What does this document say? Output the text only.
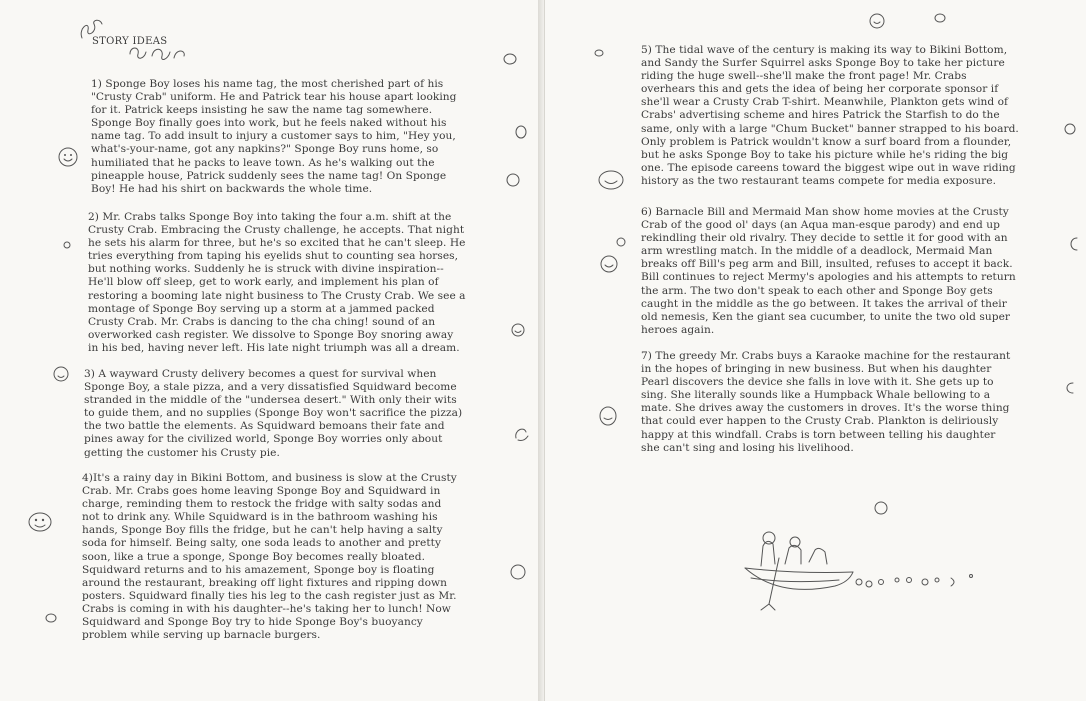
STORY IDEAS

1) Sponge Boy loses his name tag, the most cherished part of his
"Crusty Crab" uniform. He and Patrick tear his house apart looking
for it. Patrick keeps insisting he saw the name tag somewhere.
Sponge Boy finally goes into work, but he feels naked without his
name tag. To add insult to injury a customer says to him, "Hey you,
what's-your-name, got any napkins?" Sponge Boy runs home, so
humiliated that he packs to leave town. As he's walking out the
pineapple house, Patrick suddenly sees the name tag! On Sponge
Boy! He had his shirt on backwards the whole time.

2) Mr. Crabs talks Sponge Boy into taking the four a.m. shift at the
Crusty Crab. Embracing the Crusty challenge, he accepts. That night
he sets his alarm for three, but he's so excited that he can't sleep. He
tries everything from taping his eyelids shut to counting sea horses,
but nothing works. Suddenly he is struck with divine inspiration--
He'll blow off sleep, get to work early, and implement his plan of
restoring a booming late night business to The Crusty Crab. We see a
montage of Sponge Boy serving up a storm at a jammed packed
Crusty Crab. Mr. Crabs is dancing to the cha ching! sound of an
overworked cash register. We dissolve to Sponge Boy snoring away
in his bed, having never left. His late night triumph was all a dream.

3) A wayward Crusty delivery becomes a quest for survival when
Sponge Boy, a stale pizza, and a very dissatisfied Squidward become
stranded in the middle of the "undersea desert." With only their wits
to guide them, and no supplies (Sponge Boy won't sacrifice the pizza)
the two battle the elements. As Squidward bemoans their fate and
pines away for the civilized world, Sponge Boy worries only about
getting the customer his Crusty pie.

4)It's a rainy day in Bikini Bottom, and business is slow at the Crusty
Crab. Mr. Crabs goes home leaving Sponge Boy and Squidward in
charge, reminding them to restock the fridge with salty sodas and
not to drink any. While Squidward is in the bathroom washing his
hands, Sponge Boy fills the fridge, but he can't help having a salty
soda for himself. Being salty, one soda leads to another and pretty
soon, like a true a sponge, Sponge Boy becomes really bloated.
Squidward returns and to his amazement, Sponge boy is floating
around the restaurant, breaking off light fixtures and ripping down
posters. Squidward finally ties his leg to the cash register just as Mr.
Crabs is coming in with his daughter--he's taking her to lunch! Now
Squidward and Sponge Boy try to hide Sponge Boy's buoyancy
problem while serving up barnacle burgers.

5) The tidal wave of the century is making its way to Bikini Bottom,
and Sandy the Surfer Squirrel asks Sponge Boy to take her picture
riding the huge swell--she'll make the front page! Mr. Crabs
overhears this and gets the idea of being her corporate sponsor if
she'll wear a Crusty Crab T-shirt. Meanwhile, Plankton gets wind of
Crabs' advertising scheme and hires Patrick the Starfish to do the
same, only with a large "Chum Bucket" banner strapped to his board.
Only problem is Patrick wouldn't know a surf board from a flounder,
but he asks Sponge Boy to take his picture while he's riding the big
one. The episode careens toward the biggest wipe out in wave riding
history as the two restaurant teams compete for media exposure.

6) Barnacle Bill and Mermaid Man show home movies at the Crusty
Crab of the good ol' days (an Aqua man-esque parody) and end up
rekindling their old rivalry. They decide to settle it for good with an
arm wrestling match. In the middle of a deadlock, Mermaid Man
breaks off Bill's peg arm and Bill, insulted, refuses to accept it back.
Bill continues to reject Mermy's apologies and his attempts to return
the arm. The two don't speak to each other and Sponge Boy gets
caught in the middle as the go between. It takes the arrival of their
old nemesis, Ken the giant sea cucumber, to unite the two old super
heroes again.

7) The greedy Mr. Crabs buys a Karaoke machine for the restaurant
in the hopes of bringing in new business. But when his daughter
Pearl discovers the device she falls in love with it. She gets up to
sing. She literally sounds like a Humpback Whale bellowing to a
mate. She drives away the customers in droves. It's the worse thing
that could ever happen to the Crusty Crab. Plankton is deliriously
happy at this windfall. Crabs is torn between telling his daughter
she can't sing and losing his livelihood.
